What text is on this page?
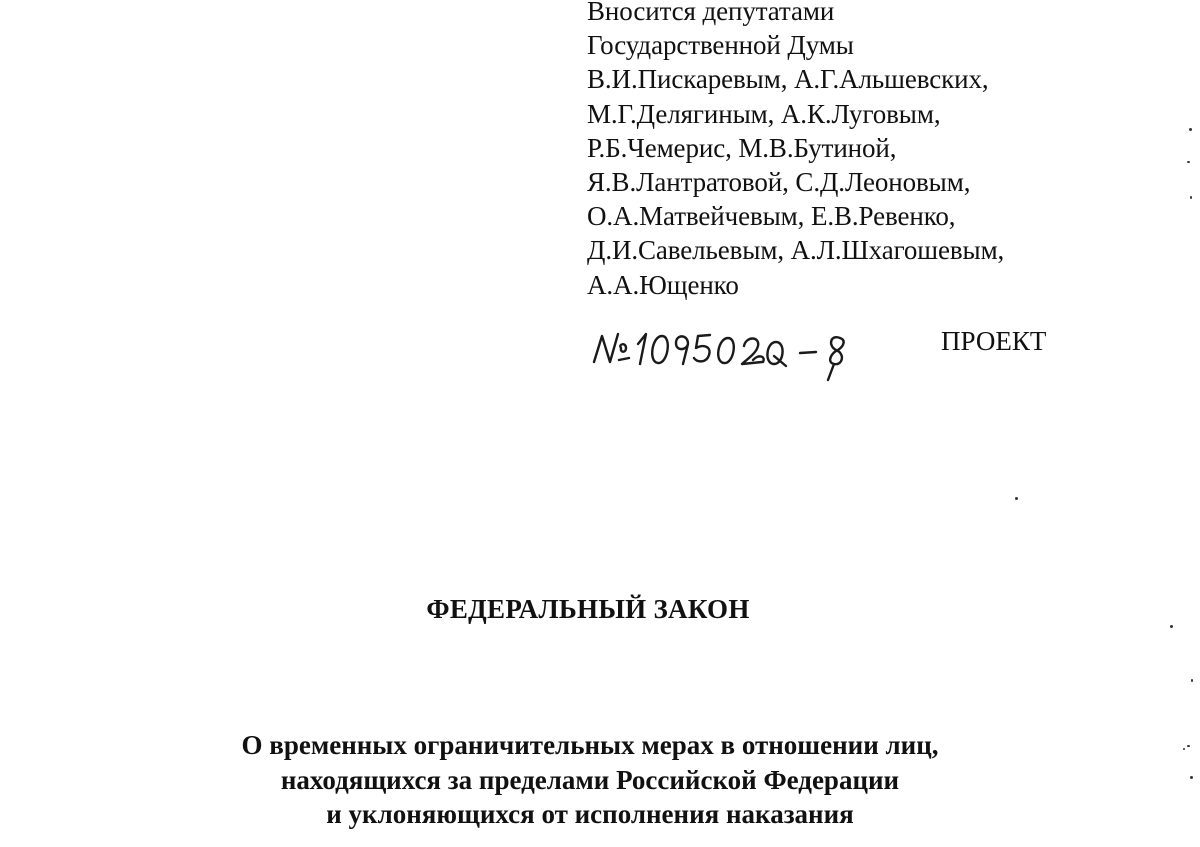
Вносится депутатами
Государственной Думы
В.И.Пискаревым, А.Г.Альшевских,
М.Г.Делягиным, А.К.Луговым,
Р.Б.Чемерис, М.В.Бутиной,
Я.В.Лантратовой, С.Д.Леоновым,
О.А.Матвейчевым, Е.В.Ревенко,
Д.И.Савельевым, А.Л.Шхагошевым,
А.А.Ющенко
ПРОЕКТ
ФЕДЕРАЛЬНЫЙ ЗАКОН
О временных ограничительных мерах в отношении лиц,
находящихся за пределами Российской Федерации
и уклоняющихся от исполнения наказания
